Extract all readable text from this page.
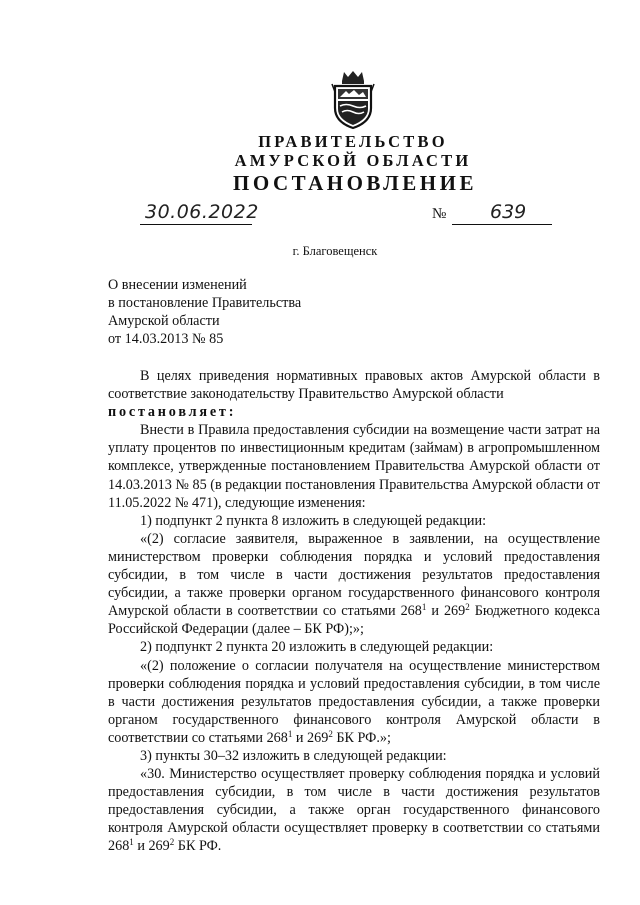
ПРАВИТЕЛЬСТВО
АМУРСКОЙ ОБЛАСТИ
ПОСТАНОВЛЕНИЕ
30.06.2022	№ 639
г. Благовещенск
О внесении изменений
в постановление Правительства
Амурской области
от 14.03.2013 № 85

В целях приведения нормативных правовых актов Амурской области в соответствие законодательству Правительство Амурской области

постановляет:

Внести в Правила предоставления субсидии на возмещение части затрат на уплату процентов по инвестиционным кредитам (займам) в агропромышленном комплексе, утвержденные постановлением Правительства Амурской области от 14.03.2013 № 85 (в редакции постановления Правительства Амурской области от 11.05.2022 № 471), следующие изменения:

1) подпункт 2 пункта 8 изложить в следующей редакции:

«(2) согласие заявителя, выраженное в заявлении, на осуществление министерством проверки соблюдения порядка и условий предоставления субсидии, в том числе в части достижения результатов предоставления субсидии, а также проверки органом государственного финансового контроля Амурской области в соответствии со статьями $268^1$ и $269^2$ Бюджетного кодекса Российской Федерации (далее – БК РФ);»;

2) подпункт 2 пункта 20 изложить в следующей редакции:

«(2) положение о согласии получателя на осуществление министерством проверки соблюдения порядка и условий предоставления субсидии, в том числе в части достижения результатов предоставления субсидии, а также проверки органом государственного финансового контроля Амурской области в соответствии со статьями $268^1$ и $269^2$ БК РФ.»;

3) пункты 30–32 изложить в следующей редакции:

«30. Министерство осуществляет проверку соблюдения порядка и условий предоставления субсидии, в том числе в части достижения результатов предоставления субсидии, а также орган государственного финансового контроля Амурской области осуществляет проверку в соответствии со статьями $268^1$ и $269^2$ БК РФ.
